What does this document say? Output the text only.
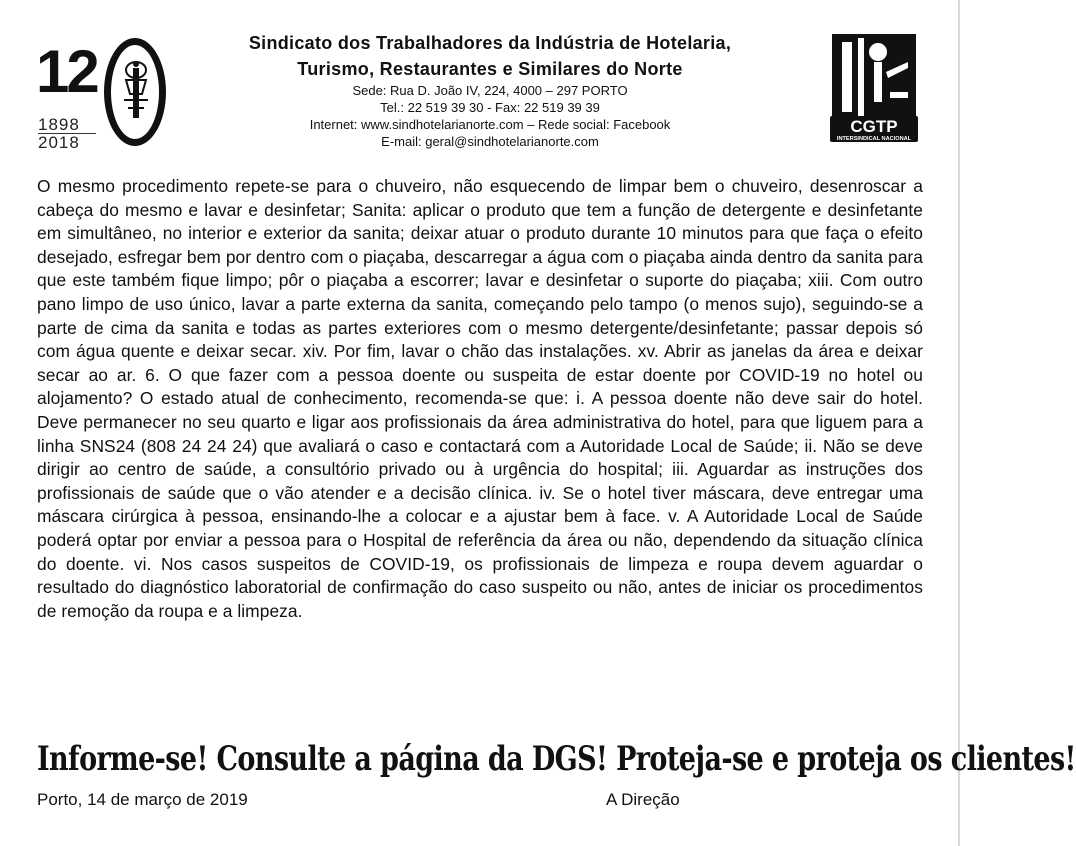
12
1898
2018
Sindicato dos Trabalhadores da Indústria de Hotelaria,
Turismo, Restaurantes e Similares do Norte
Sede: Rua D. João IV, 224, 4000 – 297 PORTO
Tel.: 22 519 39 30 - Fax: 22 519 39 39
Internet: www.sindhotelarianorte.com – Rede social: Facebook
E-mail: geral@sindhotelarianorte.com
CGTP
INTERSINDICAL NACIONAL
O mesmo procedimento repete-se para o chuveiro, não esquecendo de limpar bem o chuveiro, desenroscar a cabeça do mesmo e lavar e desinfetar; Sanita: aplicar o produto que tem a função de detergente e desinfetante em simultâneo, no interior e exterior da sanita; deixar atuar o produto durante 10 minutos para que faça o efeito desejado, esfregar bem por dentro com o piaçaba, descarregar a água com o piaçaba ainda dentro da sanita para que este também fique limpo; pôr o piaçaba a escorrer; lavar e desinfetar o suporte do piaçaba; xiii. Com outro pano limpo de uso único, lavar a parte externa da sanita, começando pelo tampo (o menos sujo), seguindo-se a parte de cima da sanita e todas as partes exteriores com o mesmo detergente/desinfetante; passar depois só com água quente e deixar secar. xiv. Por fim, lavar o chão das instalações. xv. Abrir as janelas da área e deixar secar ao ar. 6. O que fazer com a pessoa doente ou suspeita de estar doente por COVID-19 no hotel ou alojamento? O estado atual de conhecimento, recomenda-se que: i. A pessoa doente não deve sair do hotel. Deve permanecer no seu quarto e ligar aos profissionais da área administrativa do hotel, para que liguem para a linha SNS24 (808 24 24 24) que avaliará o caso e contactará com a Autoridade Local de Saúde; ii. Não se deve dirigir ao centro de saúde, a consultório privado ou à urgência do hospital; iii. Aguardar as instruções dos profissionais de saúde que o vão atender e a decisão clínica. iv. Se o hotel tiver máscara, deve entregar uma máscara cirúrgica à pessoa, ensinando-lhe a colocar e a ajustar bem à face. v. A Autoridade Local de Saúde poderá optar por enviar a pessoa para o Hospital de referência da área ou não, dependendo da situação clínica do doente. vi. Nos casos suspeitos de COVID-19, os profissionais de limpeza e roupa devem aguardar o resultado do diagnóstico laboratorial de confirmação do caso suspeito ou não, antes de iniciar os procedimentos de remoção da roupa e a limpeza.
Informe-se! Consulte a página da DGS! Proteja-se e proteja os clientes!
Porto, 14 de março de 2019	A Direção
